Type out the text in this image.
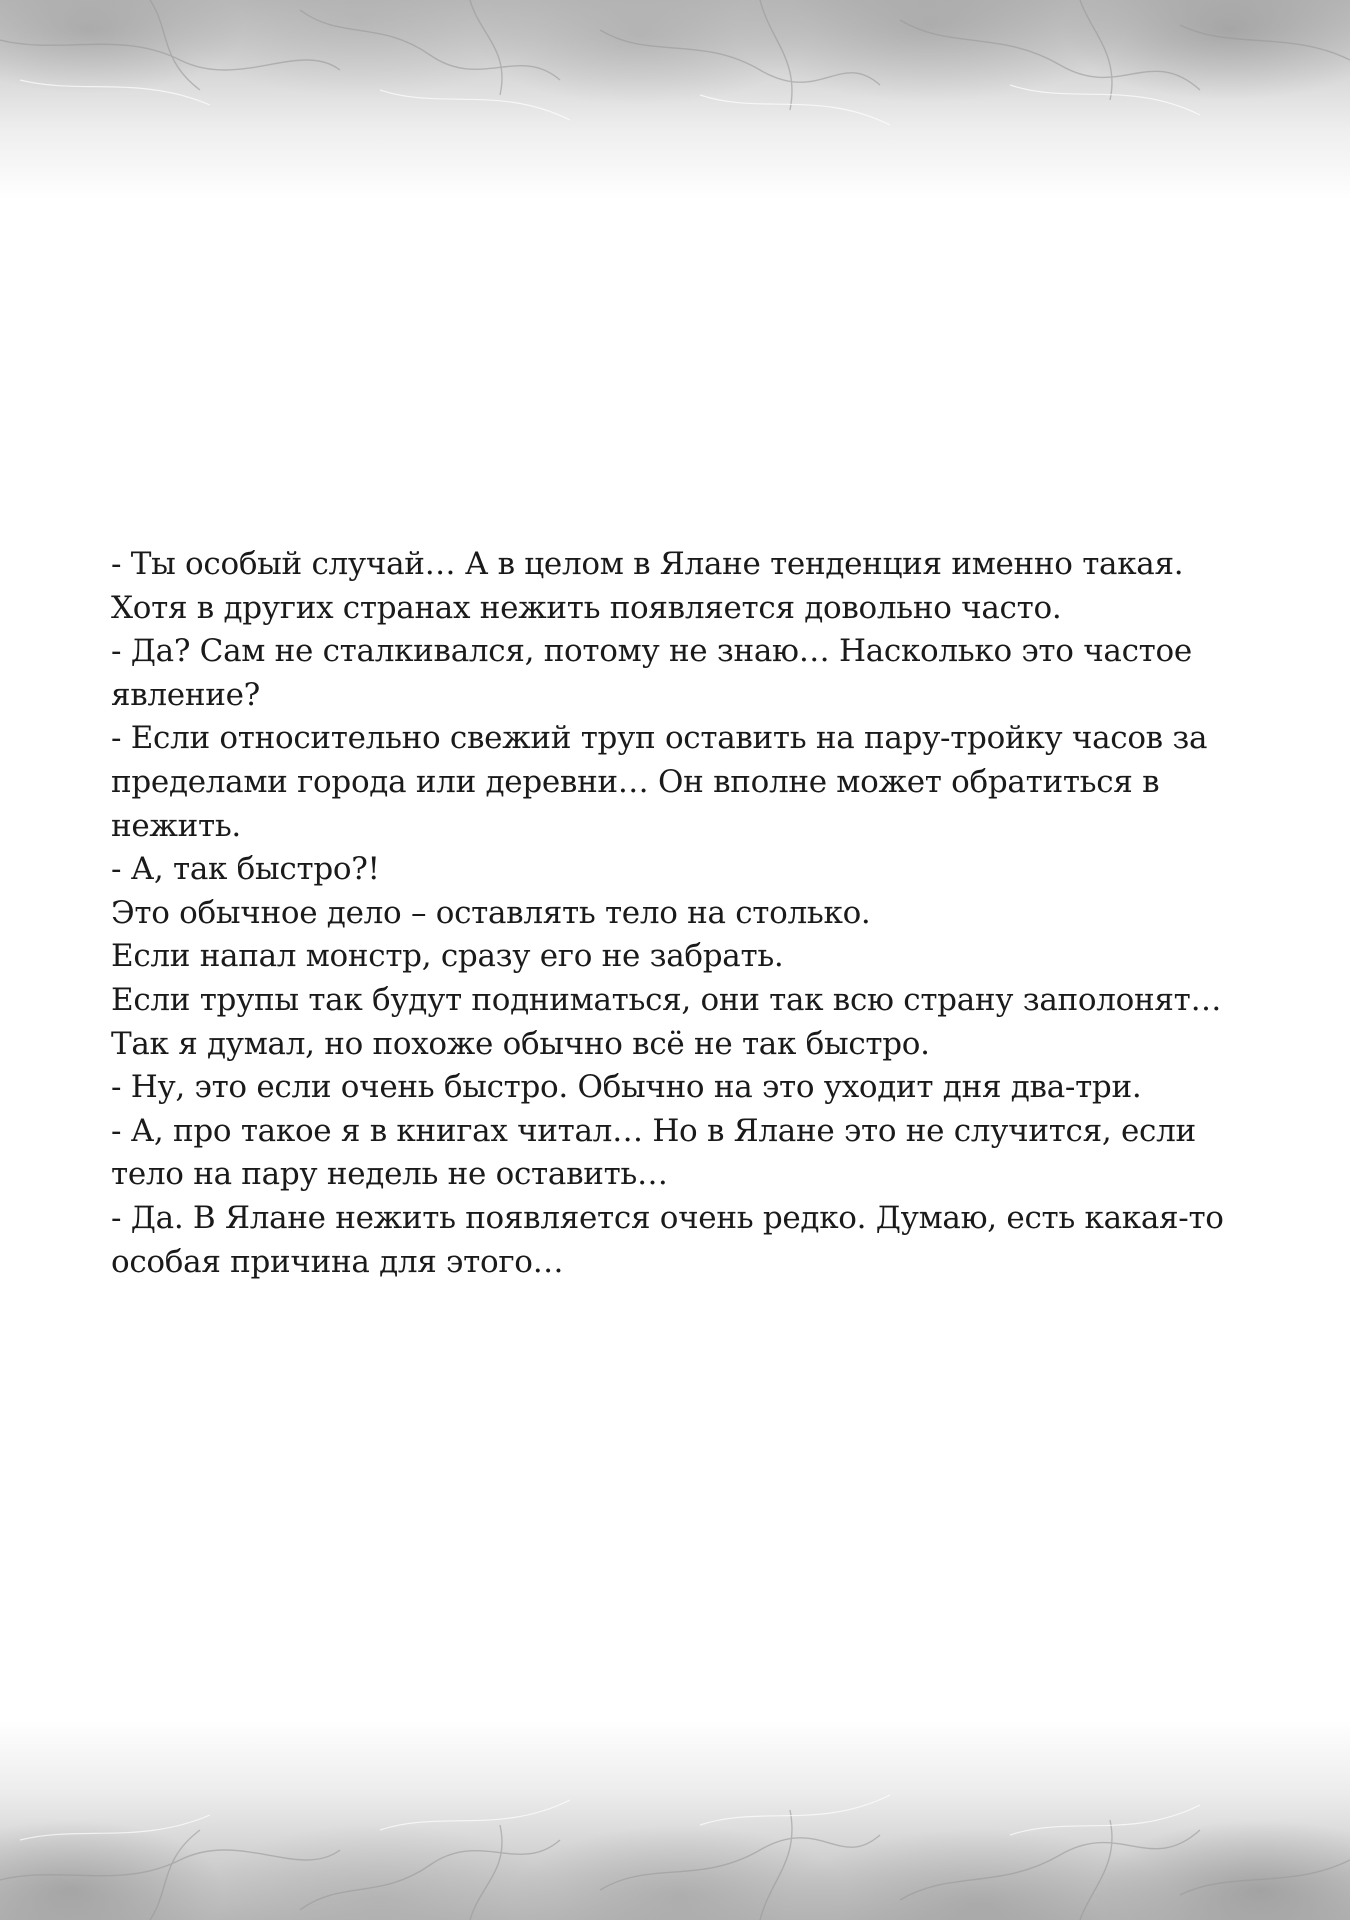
- Ты особый случай… А в целом в Ялане тенденция именно такая.
Хотя в других странах нежить появляется довольно часто.
- Да? Сам не сталкивался, потому не знаю… Насколько это частое
явление?
- Если относительно свежий труп оставить на пару-тройку часов за
пределами города или деревни… Он вполне может обратиться в
нежить.
- А, так быстро?!
Это обычное дело – оставлять тело на столько.
Если напал монстр, сразу его не забрать.
Если трупы так будут подниматься, они так всю страну заполонят…
Так я думал, но похоже обычно всё не так быстро.
- Ну, это если очень быстро. Обычно на это уходит дня два-три.
- А, про такое я в книгах читал… Но в Ялане это не случится, если
тело на пару недель не оставить…
- Да. В Ялане нежить появляется очень редко. Думаю, есть какая-то
особая причина для этого…
